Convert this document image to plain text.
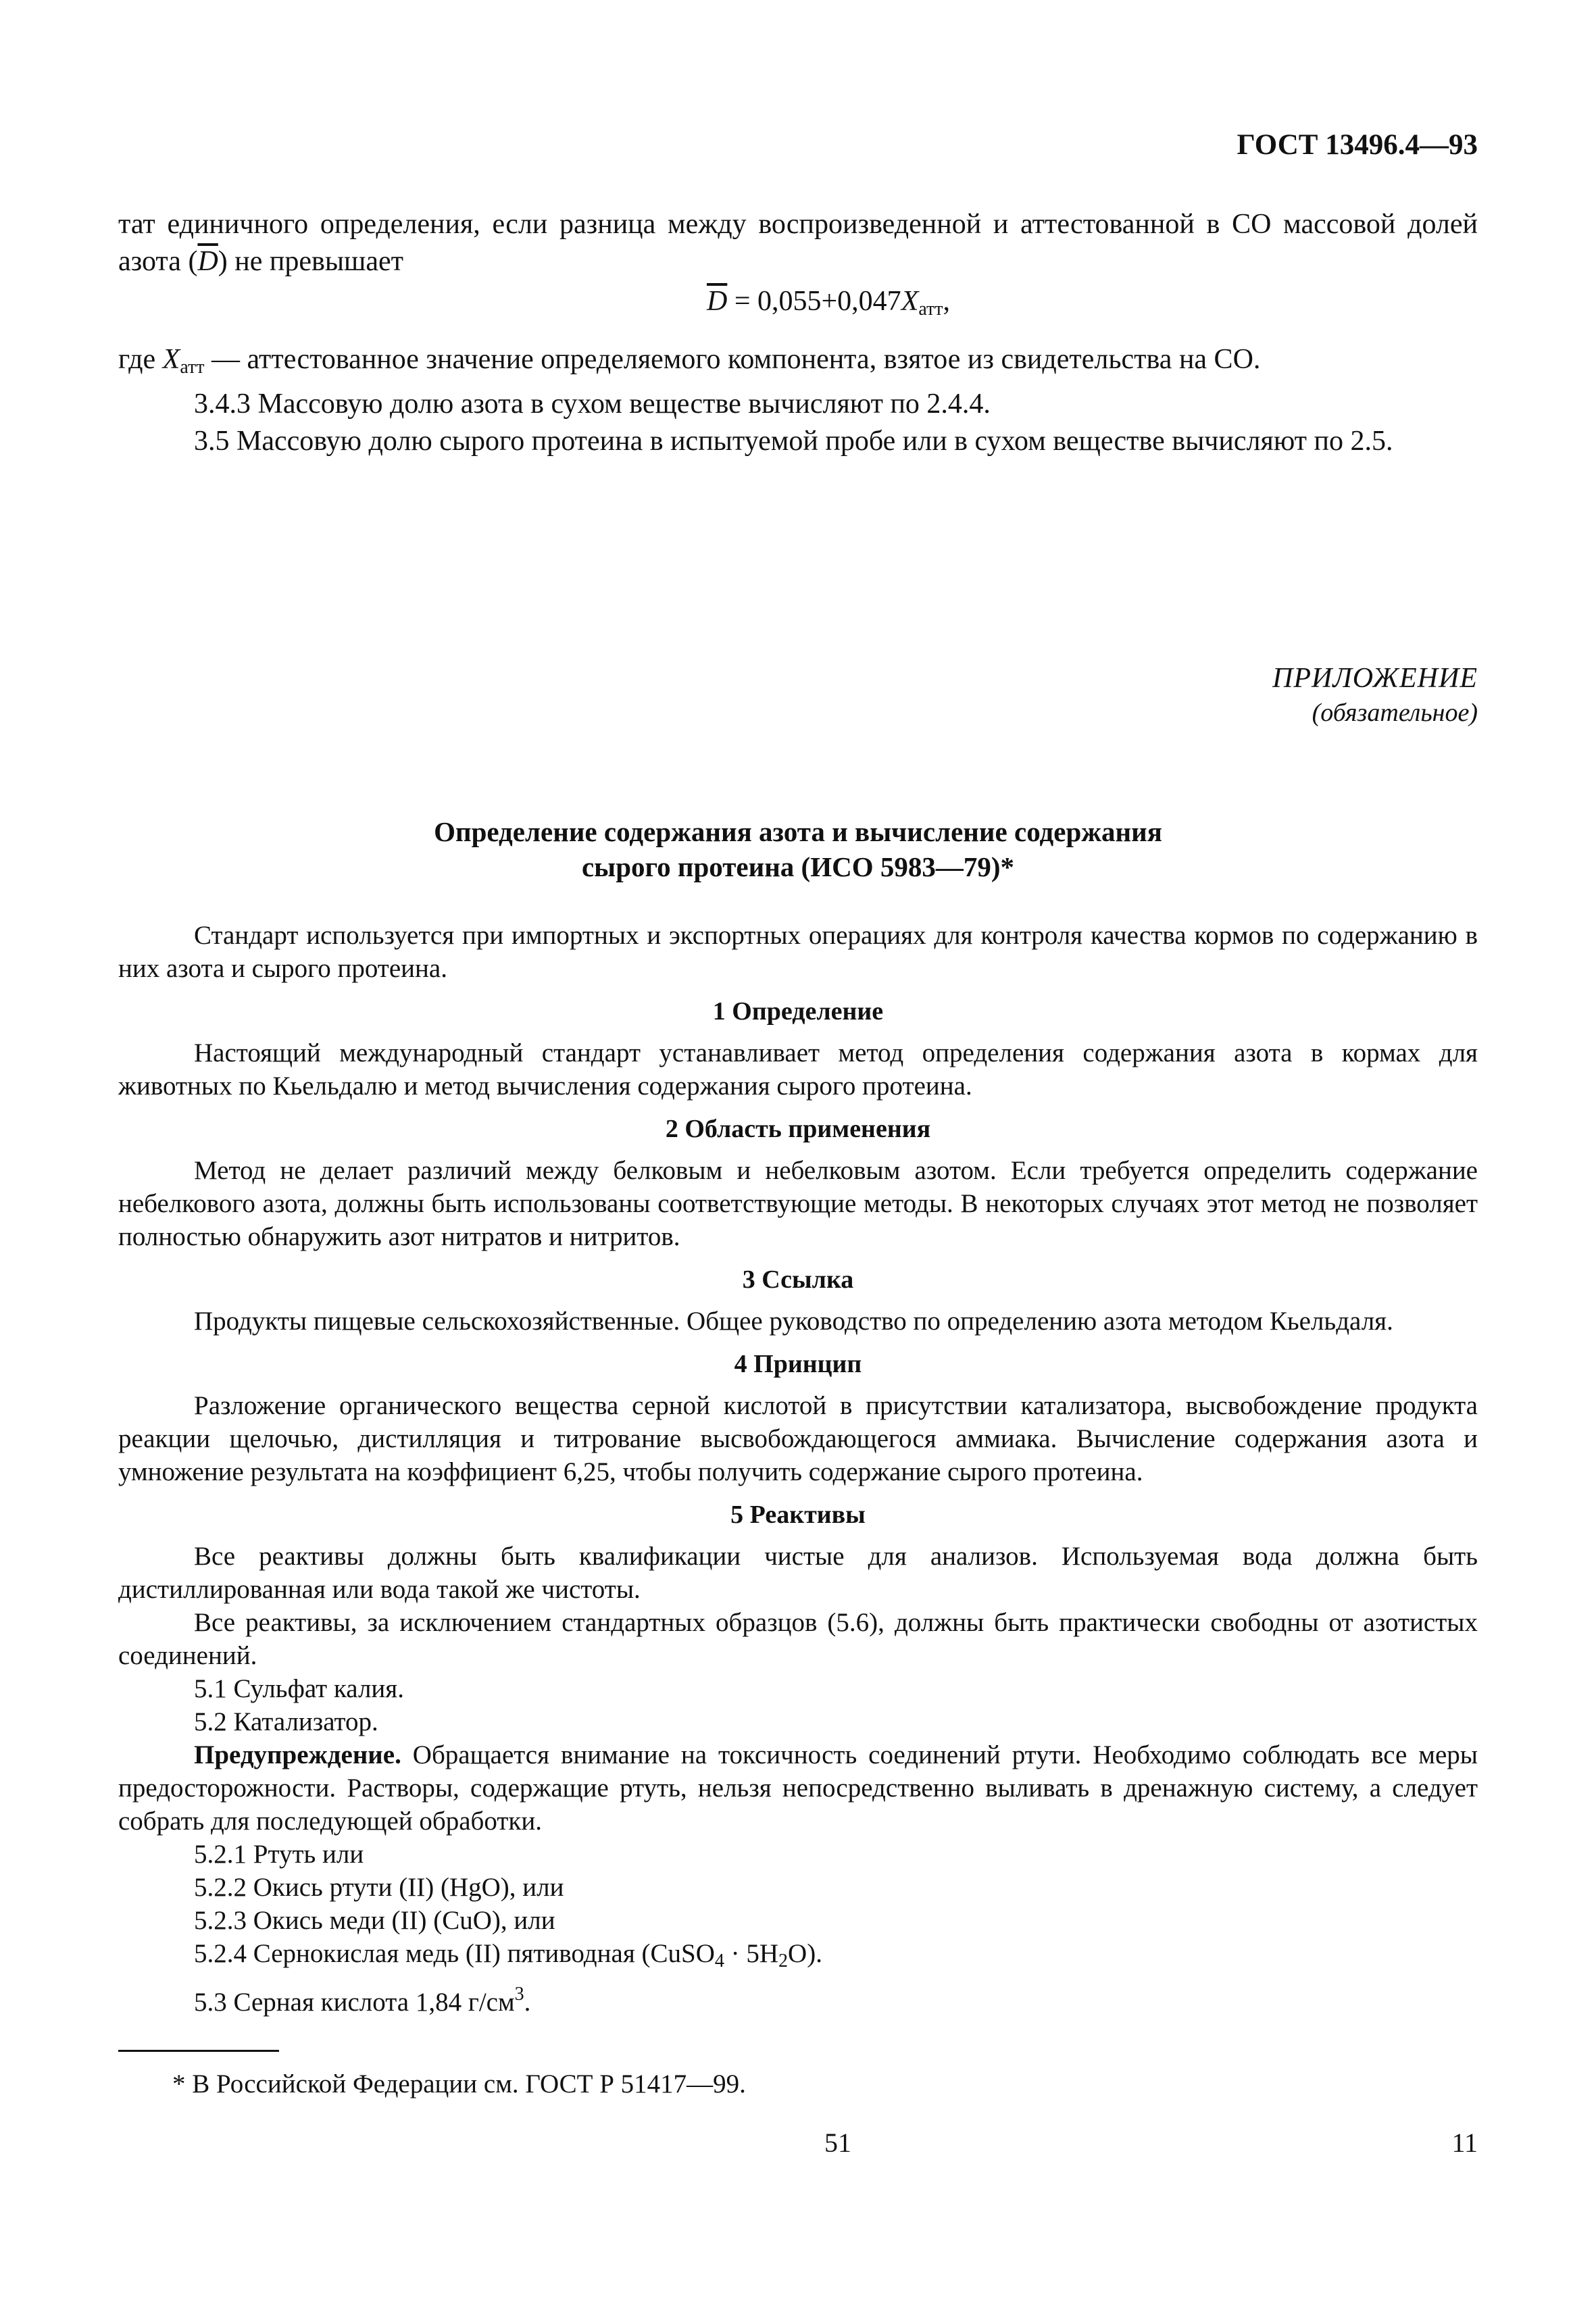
ГОСТ 13496.4—93

тат единичного определения, если разница между воспроизведенной и аттестованной в СО массовой долей азота $(\overline{D})$ не превышает

$\overline{D} = 0,055+0,047X_{атт}$,

где $X_{атт}$ — аттестованное значение определяемого компонента, взятое из свидетельства на СО.

3.4.3 Массовую долю азота в сухом веществе вычисляют по 2.4.4.

3.5 Массовую долю сырого протеина в испытуемой пробе или в сухом веществе вычисляют по 2.5.

ПРИЛОЖЕНИЕ
(обязательное)
Определение содержания азота и вычисление содержания
сырого протеина (ИСО 5983—79)*

Стандарт используется при импортных и экспортных операциях для контроля качества кормов по содержанию в них азота и сырого протеина.

1 Определение

Настоящий международный стандарт устанавливает метод определения содержания азота в кормах для животных по Кьельдалю и метод вычисления содержания сырого протеина.

2 Область применения

Метод не делает различий между белковым и небелковым азотом. Если требуется определить содержание небелкового азота, должны быть использованы соответствующие методы. В некоторых случаях этот метод не позволяет полностью обнаружить азот нитратов и нитритов.

3 Ссылка

Продукты пищевые сельскохозяйственные. Общее руководство по определению азота методом Кьельдаля.

4 Принцип

Разложение органического вещества серной кислотой в присутствии катализатора, высвобождение продукта реакции щелочью, дистилляция и титрование высвобождающегося аммиака. Вычисление содержания азота и умножение результата на коэффициент 6,25, чтобы получить содержание сырого протеина.

5 Реактивы

Все реактивы должны быть квалификации чистые для анализов. Используемая вода должна быть дистиллированная или вода такой же чистоты.

Все реактивы, за исключением стандартных образцов (5.6), должны быть практически свободны от азотистых соединений.

5.1 Сульфат калия.

5.2 Катализатор.

Предупреждение. Обращается внимание на токсичность соединений ртути. Необходимо соблюдать все меры предосторожности. Растворы, содержащие ртуть, нельзя непосредственно выливать в дренажную систему, а следует собрать для последующей обработки.

5.2.1 Ртуть или

5.2.2 Окись ртути (II) (HgO), или

5.2.3 Окись меди (II) (CuO), или

5.2.4 Сернокислая медь (II) пятиводная (CuSO$_4$ · $5H_2O$).

5.3 Серная кислота 1,84 $г/см^3$.

* В Российской Федерации см. ГОСТ Р 51417—99.
51	11
